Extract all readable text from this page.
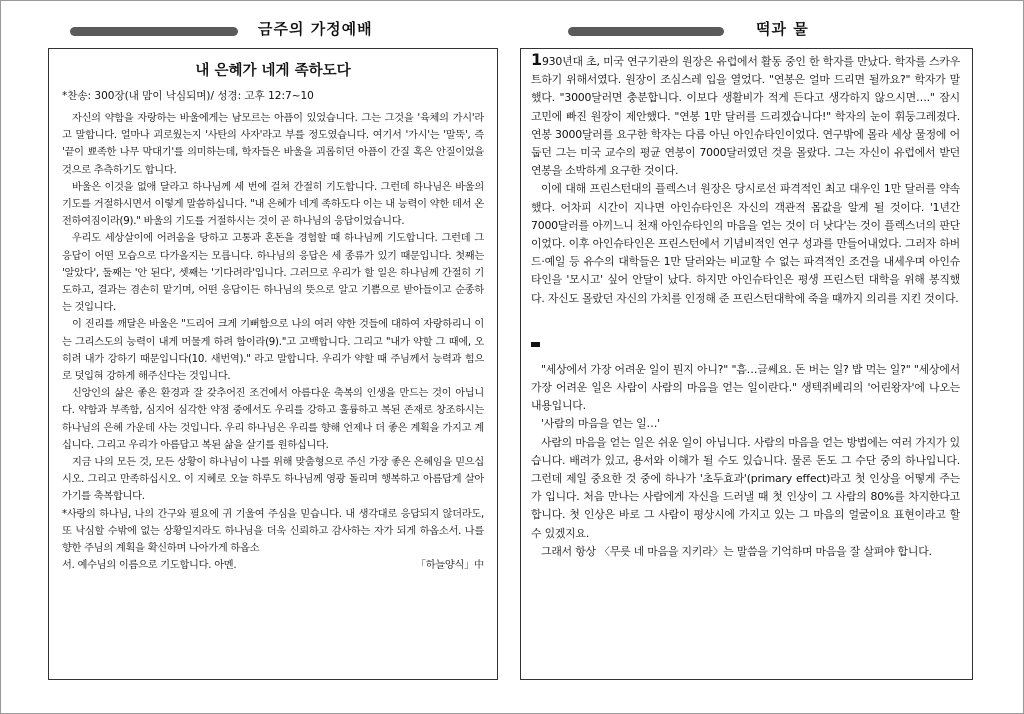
금주의 가정예배	떡과 물
내 은혜가 네게 족하도다
*찬송: 300장(내 맘이 낙심되며)/ 성경: 고후 12:7~10

자신의 약함을 자랑하는 바울에게는 남모르는 아픔이 있었습니다. 그는 그것을 '육체의 가시'라고 말합니다. 얼마나 괴로웠는지 '사탄의 사자'라고 부를 정도였습니다. 여기서 '가시'는 '말뚝', 즉 '끝이 뾰족한 나무 막대기'를 의미하는데, 학자들은 바울을 괴롭히던 아픔이 간질 혹은 안질이었을 것으로 추측하기도 합니다.

바울은 이것을 없애 달라고 하나님께 세 번에 걸쳐 간절히 기도합니다. 그런데 하나님은 바울의 기도를 거절하시면서 이렇게 말씀하십니다. "내 은혜가 네게 족하도다 이는 내 능력이 약한 데서 온전하여짐이라(9)." 바울의 기도를 거절하시는 것이 곧 하나님의 응답이었습니다.

우리도 세상살이에 어려움을 당하고 고통과 혼돈을 경험할 때 하나님께 기도합니다. 그런데 그 응답이 어떤 모습으로 다가올지는 모릅니다. 하나님의 응답은 세 종류가 있기 때문입니다. 첫째는 '알았다', 둘째는 '안 된다', 셋째는 '기다려라'입니다. 그러므로 우리가 할 일은 하나님께 간절히 기도하고, 결과는 겸손히 맡기며, 어떤 응답이든 하나님의 뜻으로 알고 기쁨으로 받아들이고 순종하는 것입니다.

이 진리를 깨달은 바울은 "드리어 크게 기뻐함으로 나의 여러 약한 것들에 대하여 자랑하리니 이는 그리스도의 능력이 내게 머물게 하려 함이라(9)."고 고백합니다. 그리고 "내가 약할 그 때에, 오히려 내가 강하기 때문입니다(10. 새번역)." 라고 말합니다. 우리가 약할 때 주님께서 능력과 힘으로 덧입혀 강하게 해주신다는 것입니다.

신앙인의 삶은 좋은 환경과 잘 갖추어진 조건에서 아름다운 축복의 인생을 만드는 것이 아닙니다. 약함과 부족함, 심지어 심각한 약점 중에서도 우리를 강하고 훌륭하고 복된 존재로 창조하시는 하나님의 은혜 가운데 사는 것입니다. 우리 하나님은 우리를 향해 언제나 더 좋은 계획을 가지고 계십니다. 그리고 우리가 아름답고 복된 삶을 살기를 원하십니다.

지금 나의 모든 것, 모든 상황이 하나님이 나를 위해 맞춤형으로 주신 가장 좋은 은혜임을 믿으십시오. 그리고 만족하십시오. 이 지혜로 오늘 하루도 하나님께 영광 돌리며 행복하고 아름답게 살아가기를 축복합니다.

*사랑의 하나님, 나의 간구와 필요에 귀 기울여 주심을 믿습니다. 내 생각대로 응답되지 않더라도, 또 낙심할 수밖에 없는 상황일지라도 하나님을 더욱 신뢰하고 감사하는 자가 되게 하옵소서. 나를 향한 주님의 계획을 확신하며 나아가게 하옵소

서. 예수님의 이름으로 기도합니다. 아멘.	「하늘양식」中

1930년대 초, 미국 연구기관의 원장은 유럽에서 활동 중인 한 학자를 만났다. 학자를 스카우트하기 위해서였다. 원장이 조심스레 입을 열었다. "연봉은 얼마 드리면 될까요?" 학자가 말했다. "3000달러면 충분합니다. 이보다 생활비가 적게 든다고 생각하지 않으시면…." 잠시 고민에 빠진 원장이 제안했다. "연봉 1만 달러를 드리겠습니다!" 학자의 눈이 휘둥그레졌다. 연봉 3000달러를 요구한 학자는 다름 아닌 아인슈타인이었다. 연구밖에 몰라 세상 물정에 어둡던 그는 미국 교수의 평균 연봉이 7000달러였던 것을 몰랐다. 그는 자신이 유럽에서 받던 연봉을 소박하게 요구한 것이다.

이에 대해 프린스턴대의 플렉스너 원장은 당시로선 파격적인 최고 대우인 1만 달러를 약속했다. 어차피 시간이 지나면 아인슈타인은 자신의 객관적 몸값을 알게 될 것이다. '1년간 7000달러를 아끼느니 천재 아인슈타인의 마음을 얻는 것이 더 낫다'는 것이 플렉스너의 판단이었다. 이후 아인슈타인은 프린스턴에서 기념비적인 연구 성과를 만들어내었다. 그러자 하버드·예일 등 유수의 대학들은 1만 달러와는 비교할 수 없는 파격적인 조건을 내세우며 아인슈타인을 '모시고' 싶어 안달이 났다. 하지만 아인슈타인은 평생 프린스턴 대학을 위해 봉직했다. 자신도 몰랐던 자신의 가치를 인정해 준 프린스턴대학에 죽을 때까지 의리를 지킨 것이다.

"세상에서 가장 어려운 일이 뭔지 아니?" "흠…글쎄요. 돈 버는 일? 밥 먹는 일?" "세상에서 가장 어려운 일은 사람이 사람의 마음을 얻는 일이란다." 생텍쥐베리의 '어린왕자'에 나오는 내용입니다.

'사람의 마음을 얻는 일…'

사람의 마음을 얻는 일은 쉬운 일이 아닙니다. 사람의 마음을 얻는 방법에는 여러 가지가 있습니다. 배려가 있고, 용서와 이해가 될 수도 있습니다. 물론 돈도 그 수단 중의 하나입니다. 그런데 제일 중요한 것 중에 하나가 '초두효과'(primary effect)라고 첫 인상을 어떻게 주는가 입니다. 처음 만나는 사람에게 자신을 드러낼 때 첫 인상이 그 사람의 80%를 차지한다고 합니다. 첫 인상은 바로 그 사람이 평상시에 가지고 있는 그 마음의 얼굴이요 표현이라고 할 수 있겠지요.

그래서 항상 〈무릇 네 마음을 지키라〉는 말씀을 기억하며 마음을 잘 살펴야 합니다.
